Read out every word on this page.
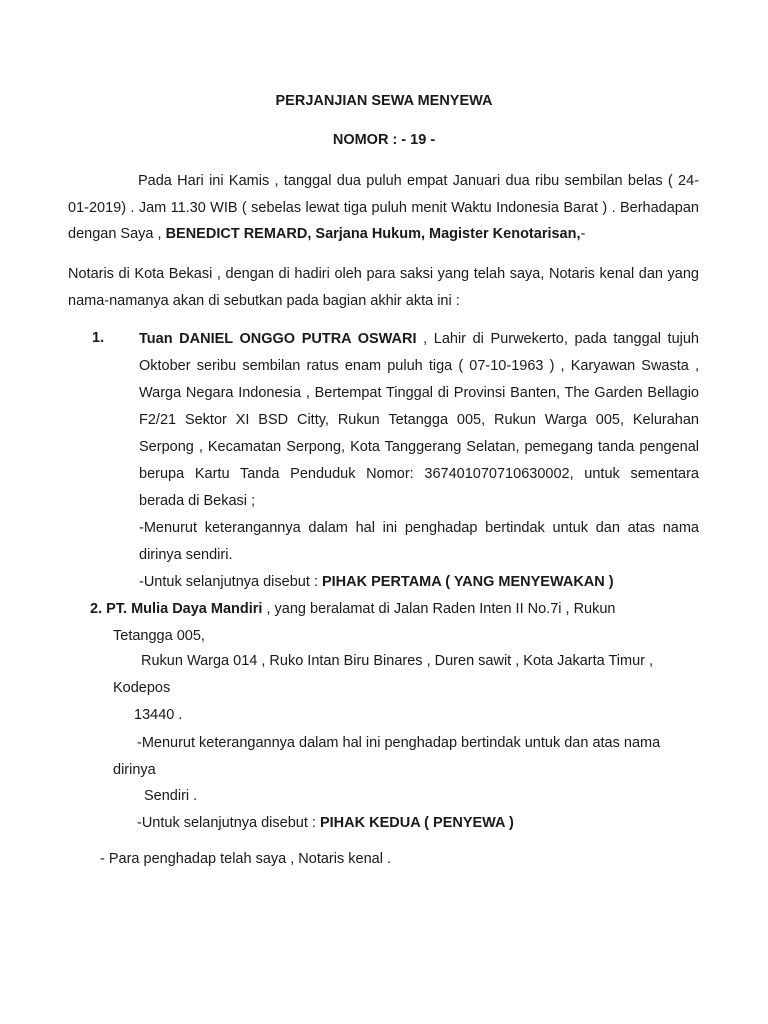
PERJANJIAN SEWA MENYEWA
NOMOR : - 19 -
Pada Hari ini Kamis , tanggal dua puluh empat Januari dua ribu sembilan belas ( 24-01-2019) . Jam 11.30 WIB ( sebelas lewat tiga puluh menit Waktu Indonesia Barat ) . Berhadapan dengan Saya , BENEDICT REMARD, Sarjana Hukum, Magister Kenotarisan,-
Notaris di Kota Bekasi , dengan di hadiri oleh para saksi yang telah saya, Notaris kenal dan yang nama-namanya akan di sebutkan pada bagian akhir akta ini :
1. Tuan DANIEL ONGGO PUTRA OSWARI , Lahir di Purwekerto, pada tanggal tujuh Oktober seribu sembilan ratus enam puluh tiga ( 07-10-1963 ) , Karyawan Swasta , Warga Negara Indonesia , Bertempat Tinggal di Provinsi Banten, The Garden Bellagio F2/21 Sektor XI BSD Citty, Rukun Tetangga 005, Rukun Warga 005, Kelurahan Serpong , Kecamatan Serpong, Kota Tanggerang Selatan, pemegang tanda pengenal berupa Kartu Tanda Penduduk Nomor: 367401070710630002, untuk sementara berada di Bekasi ;
-Menurut keterangannya dalam hal ini penghadap bertindak untuk dan atas nama dirinya sendiri.
-Untuk selanjutnya disebut : PIHAK PERTAMA ( YANG MENYEWAKAN )
2. PT. Mulia Daya Mandiri , yang beralamat di Jalan Raden Inten II No.7i , Rukun
Tetangga 005,
Rukun Warga 014 , Ruko Intan Biru Binares , Duren sawit , Kota Jakarta Timur ,
Kodepos
13440 .
-Menurut keterangannya dalam hal ini penghadap bertindak untuk dan atas nama
dirinya
Sendiri .
-Untuk selanjutnya disebut : PIHAK KEDUA ( PENYEWA )
- Para penghadap telah saya , Notaris kenal .
